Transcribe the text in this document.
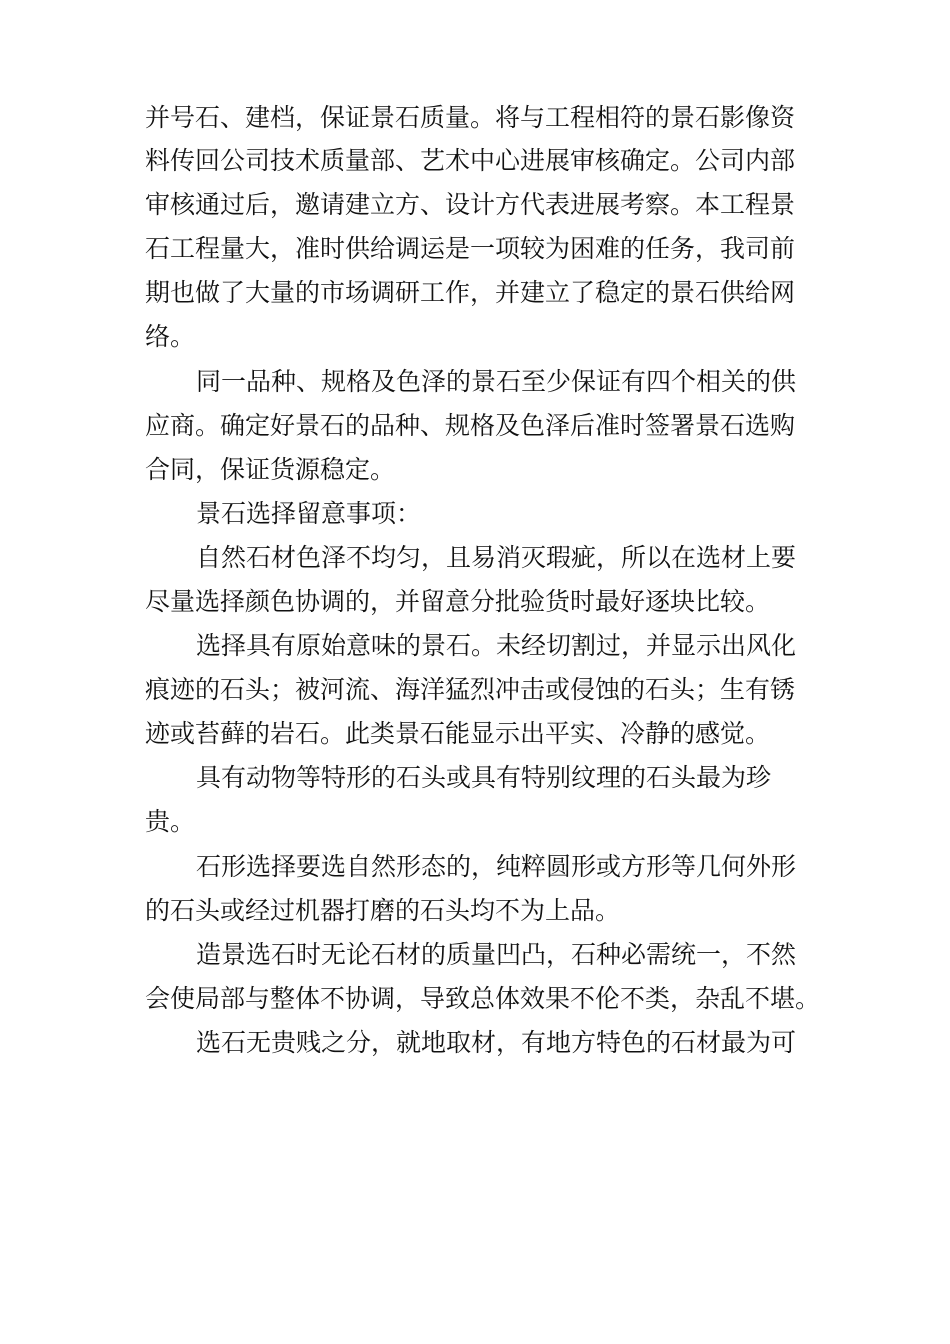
并号石、建档，保证景石质量。将与工程相符的景石影像资
料传回公司技术质量部、艺术中心进展审核确定。公司内部
审核通过后，邀请建立方、设计方代表进展考察。本工程景
石工程量大，准时供给调运是一项较为困难的任务，我司前
期也做了大量的市场调研工作，并建立了稳定的景石供给网
络。
同一品种、规格及色泽的景石至少保证有四个相关的供
应商。确定好景石的品种、规格及色泽后准时签署景石选购
合同，保证货源稳定。
景石选择留意事项：
自然石材色泽不均匀，且易消灭瑕疵，所以在选材上要
尽量选择颜色协调的，并留意分批验货时最好逐块比较。
选择具有原始意味的景石。未经切割过，并显示出风化
痕迹的石头；被河流、海洋猛烈冲击或侵蚀的石头；生有锈
迹或苔藓的岩石。此类景石能显示出平实、冷静的感觉。
具有动物等特形的石头或具有特别纹理的石头最为珍
贵。
石形选择要选自然形态的，纯粹圆形或方形等几何外形
的石头或经过机器打磨的石头均不为上品。
造景选石时无论石材的质量凹凸，石种必需统一，不然
会使局部与整体不协调，导致总体效果不伦不类，杂乱不堪。
选石无贵贱之分，就地取材，有地方特色的石材最为可
